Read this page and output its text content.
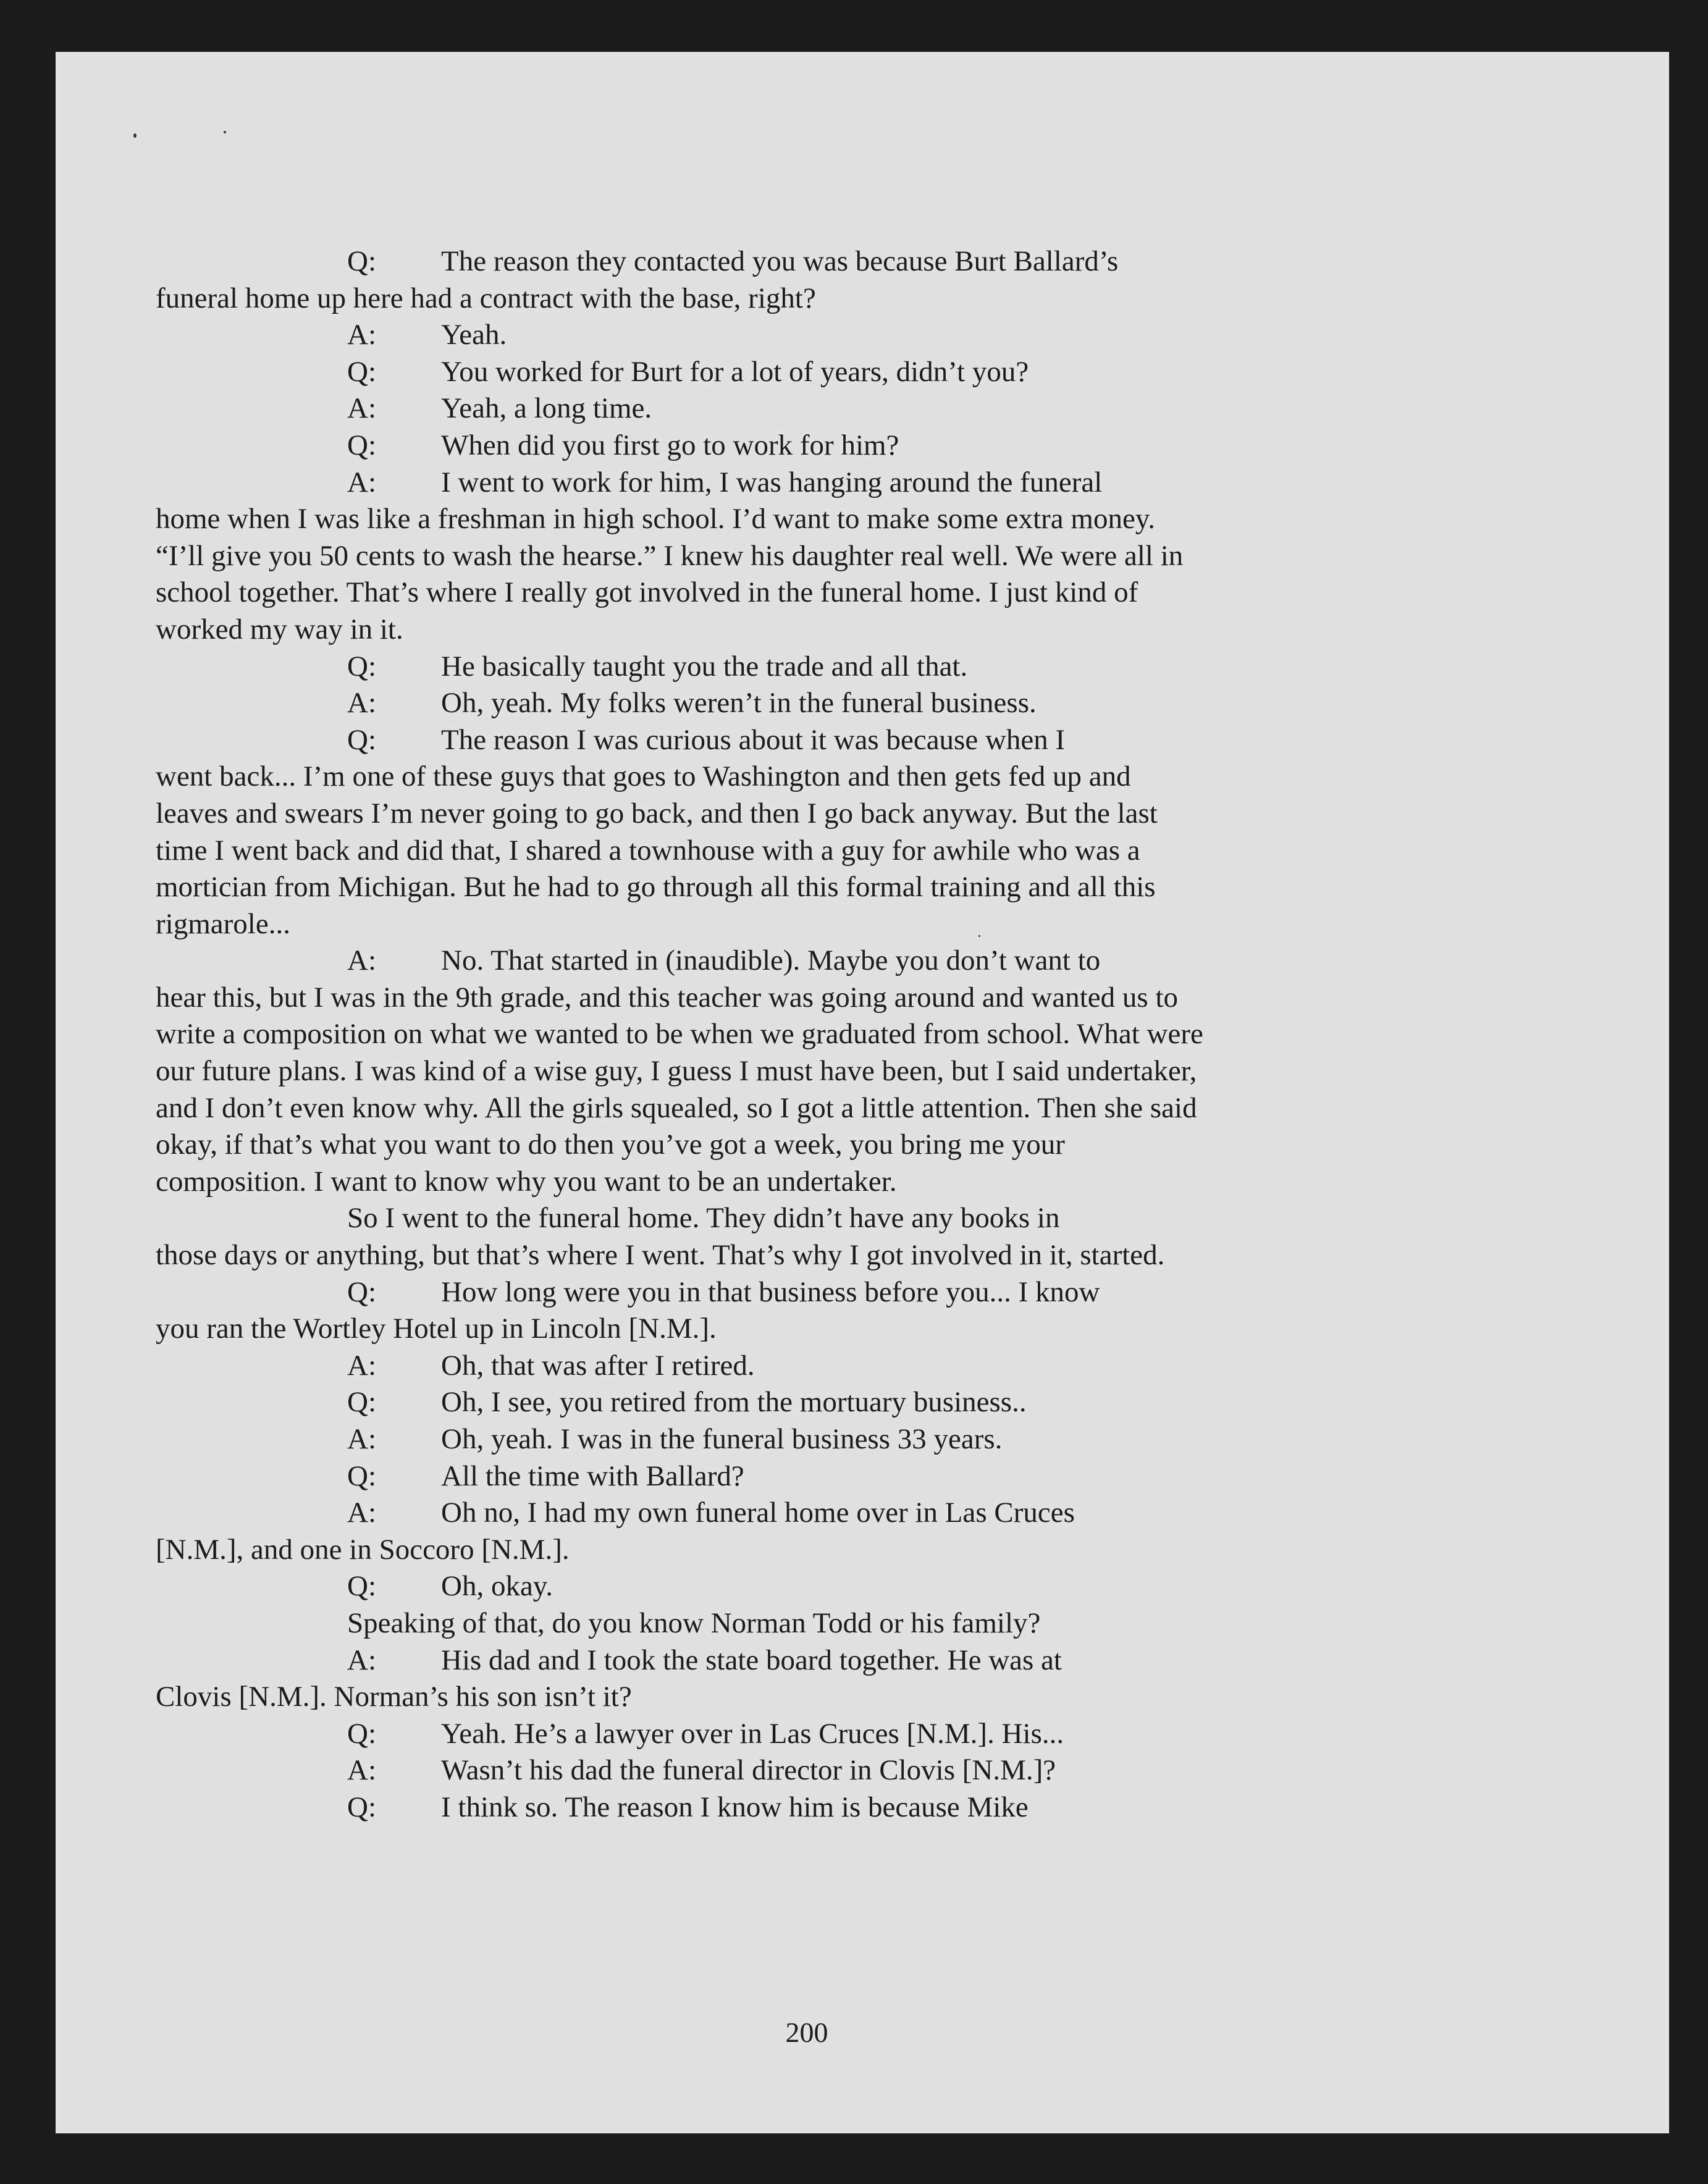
Q: The reason they contacted you was because Burt Ballard’s
funeral home up here had a contract with the base, right?

A: Yeah.

Q: You worked for Burt for a lot of years, didn’t you?

A: Yeah, a long time.

Q: When did you first go to work for him?

A: I went to work for him, I was hanging around the funeral
home when I was like a freshman in high school. I’d want to make some extra money. “I’ll give you 50 cents to wash the hearse.” I knew his daughter real well. We were all in school together. That’s where I really got involved in the funeral home. I just kind of worked my way in it.

Q: He basically taught you the trade and all that.

A: Oh, yeah. My folks weren’t in the funeral business.

Q: The reason I was curious about it was because when I
went back... I’m one of these guys that goes to Washington and then gets fed up and leaves and swears I’m never going to go back, and then I go back anyway. But the last time I went back and did that, I shared a townhouse with a guy for awhile who was a mortician from Michigan. But he had to go through all this formal training and all this rigmarole...

A: No. That started in (inaudible). Maybe you don’t want to
hear this, but I was in the 9th grade, and this teacher was going around and wanted us to write a composition on what we wanted to be when we graduated from school. What were our future plans. I was kind of a wise guy, I guess I must have been, but I said undertaker, and I don’t even know why. All the girls squealed, so I got a little attention. Then she said okay, if that’s what you want to do then you’ve got a week, you bring me your composition. I want to know why you want to be an undertaker.

So I went to the funeral home. They didn’t have any books in
those days or anything, but that’s where I went. That’s why I got involved in it, started.

Q: How long were you in that business before you... I know
you ran the Wortley Hotel up in Lincoln [N.M.].

A: Oh, that was after I retired.

Q: Oh, I see, you retired from the mortuary business..

A: Oh, yeah. I was in the funeral business 33 years.

Q: All the time with Ballard?

A: Oh no, I had my own funeral home over in Las Cruces
[N.M.], and one in Soccoro [N.M.].

Q: Oh, okay.

Speaking of that, do you know Norman Todd or his family?

A: His dad and I took the state board together. He was at
Clovis [N.M.]. Norman’s his son isn’t it?

Q: Yeah. He’s a lawyer over in Las Cruces [N.M.]. His...

A: Wasn’t his dad the funeral director in Clovis [N.M.]?

Q: I think so. The reason I know him is because Mike

200
